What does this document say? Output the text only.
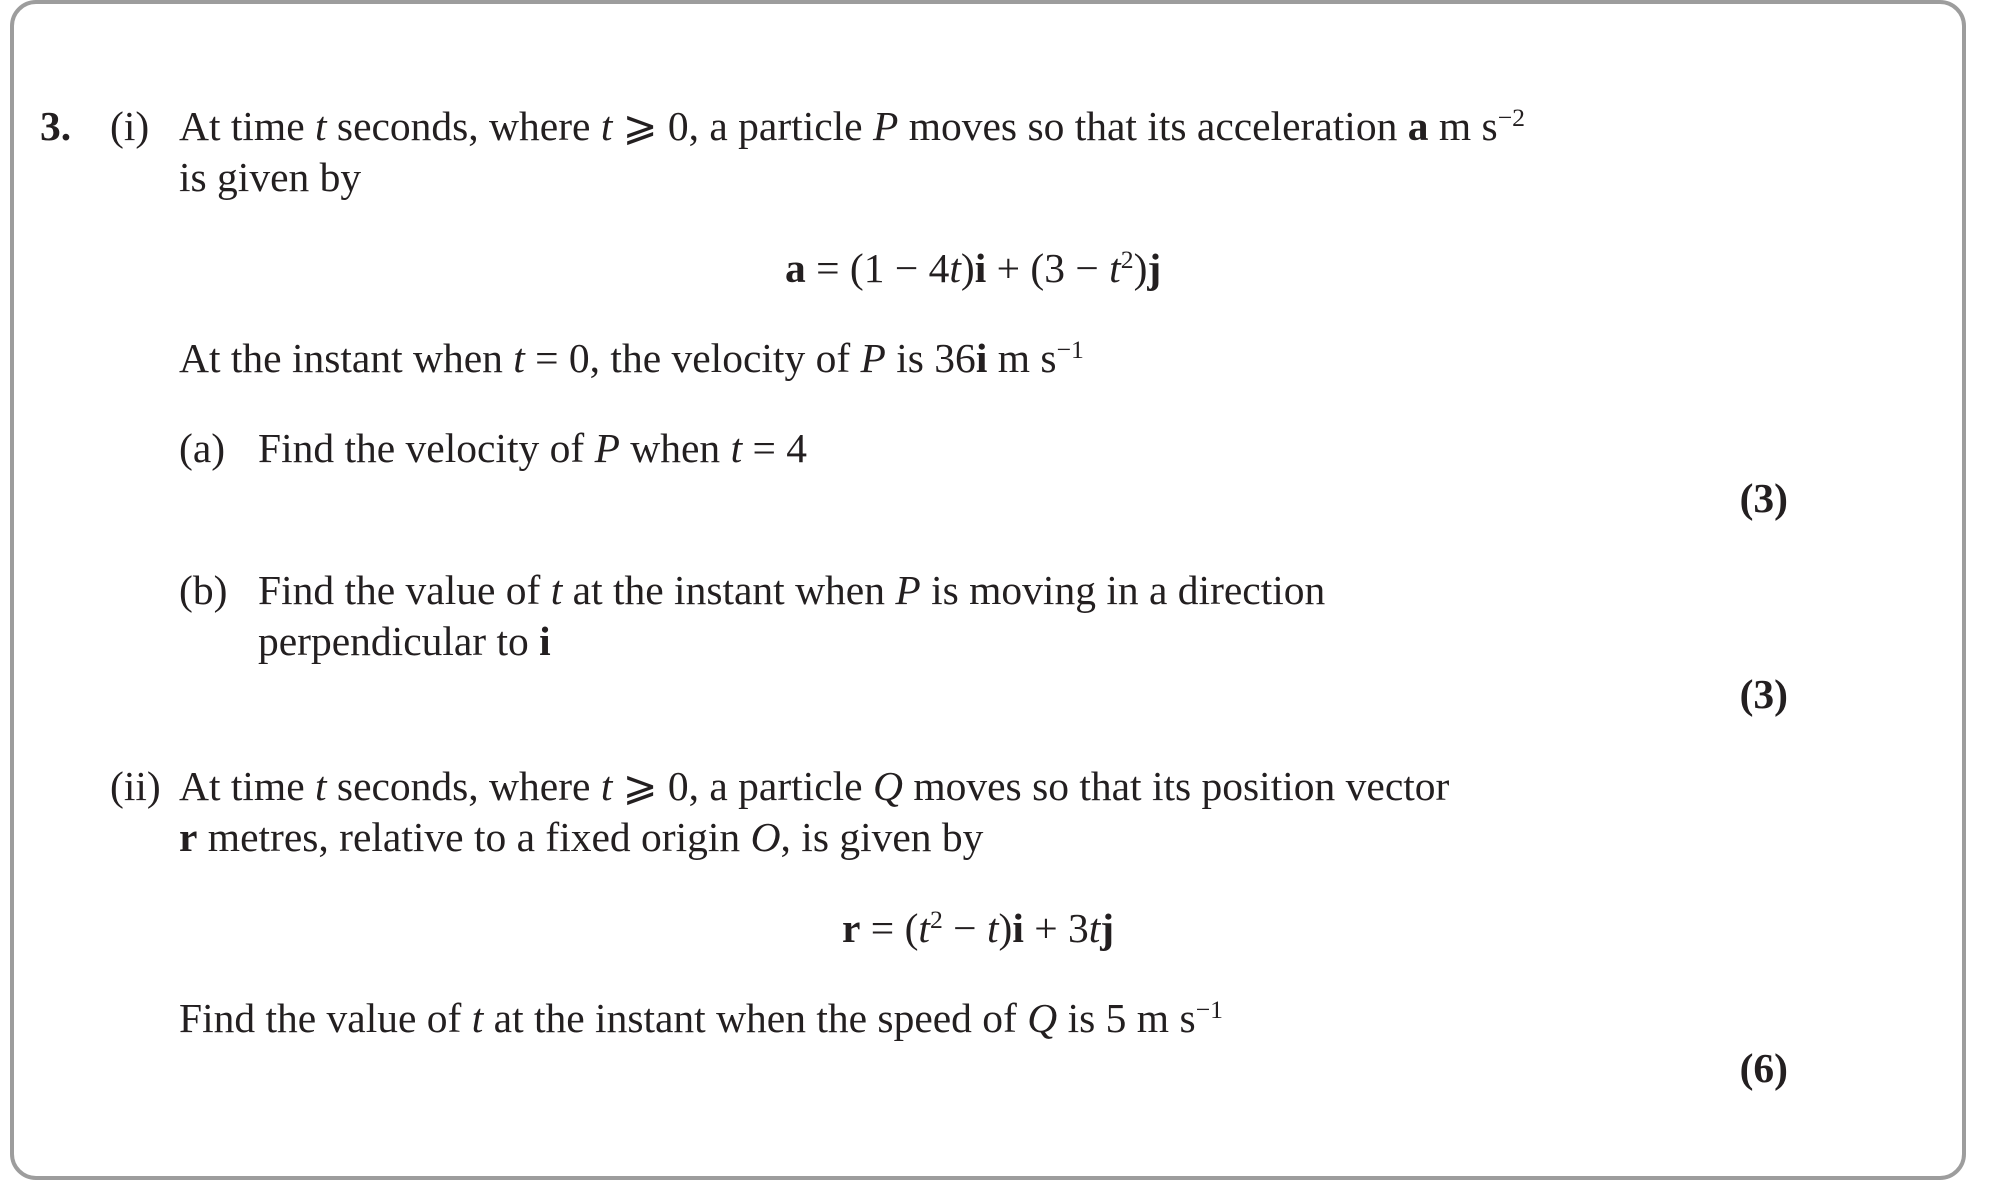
3. (i) At time t seconds, where t ⩾ 0, a particle P moves so that its acceleration a m $s^{-2}$
is given by
$a = (1 - 4t)i + (3 - t^2)j$
At the instant when t = 0, the velocity of P is 36i m $s^{-1}$
(a) Find the velocity of P when t = 4
(3)
(b) Find the value of t at the instant when P is moving in a direction
perpendicular to i
(3)
(ii) At time t seconds, where t ⩾ 0, a particle Q moves so that its position vector
r metres, relative to a fixed origin O, is given by
$r = (t^2 - t)i + 3tj$
Find the value of t at the instant when the speed of Q is 5 m $s^{-1}$
(6)
